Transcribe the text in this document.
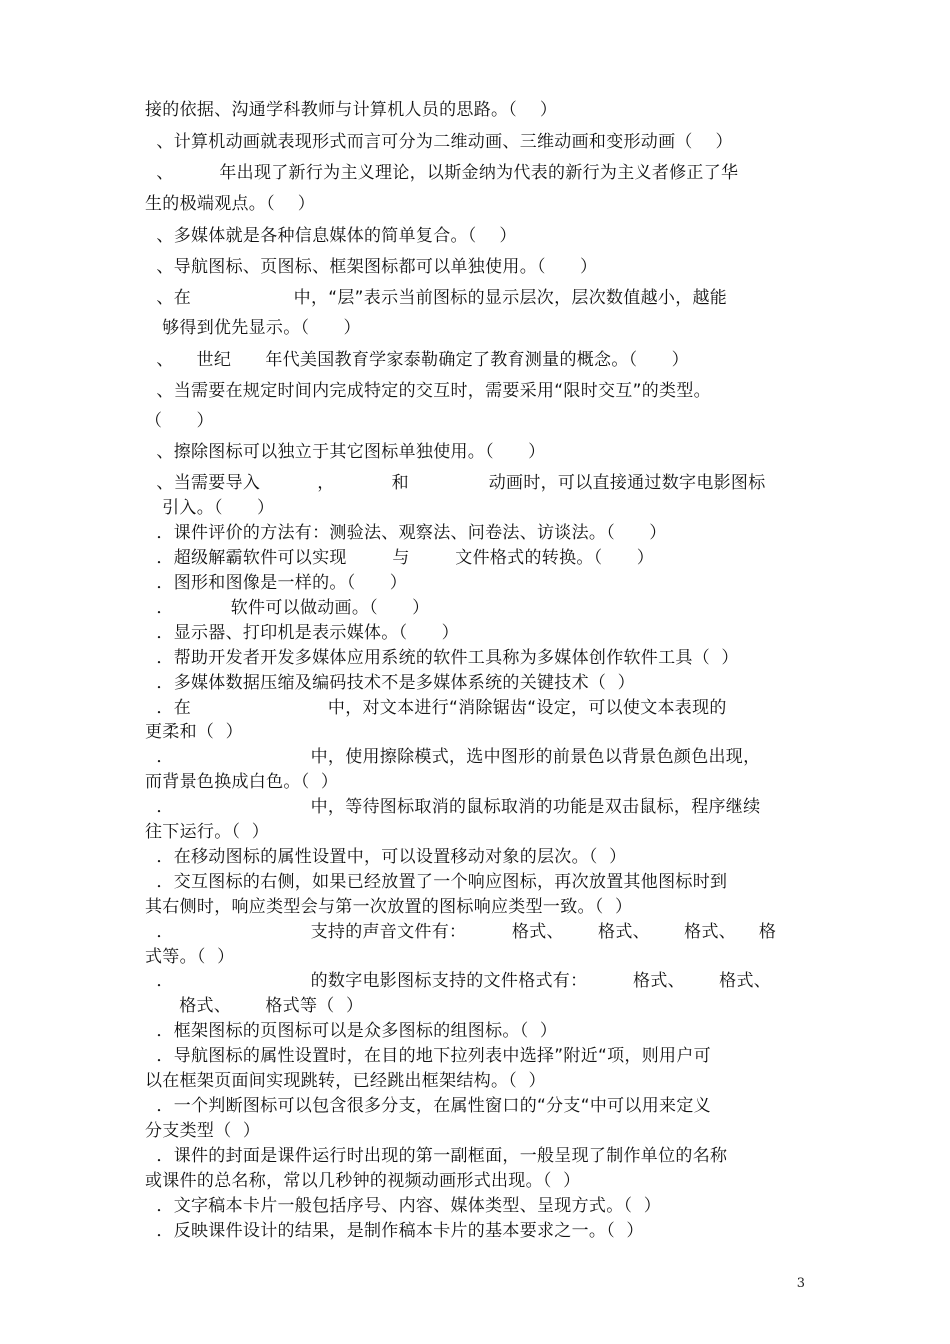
接的依据、沟通学科教师与计算机人员的思路。（    ）
、计算机动画就表现形式而言可分为二维动画、三维动画和变形动画（    ）
、        年出现了新行为主义理论，以斯金纳为代表的新行为主义者修正了华
生的极端观点。（    ）
、多媒体就是各种信息媒体的简单复合。（    ）
、导航图标、页图标、框架图标都可以单独使用。（      ）
、在                  中，“层”表示当前图标的显示层次，层次数值越小，越能
够得到优先显示。（      ）
、    世纪      年代美国教育学家泰勒确定了教育测量的概念。（      ）
、当需要在规定时间内完成特定的交互时，需要采用“限时交互”的类型。
（      ）
、擦除图标可以独立于其它图标单独使用。（      ）
、当需要导入          ，          和              动画时，可以直接通过数字电影图标
引入。（      ）
．课件评价的方法有：测验法、观察法、问卷法、访谈法。（      ）
．超级解霸软件可以实现        与        文件格式的转换。（      ）
．图形和图像是一样的。（      ）
．          软件可以做动画。（      ）
．显示器、打印机是表示媒体。（      ）
．帮助开发者开发多媒体应用系统的软件工具称为多媒体创作软件工具（  ）
．多媒体数据压缩及编码技术不是多媒体系统的关键技术（  ）
．在                        中，对文本进行“消除锯齿“设定，可以使文本表现的
更柔和（  ）
．                        中，使用擦除模式，选中图形的前景色以背景色颜色出现，
而背景色换成白色。（  ）
．                        中，等待图标取消的鼠标取消的功能是双击鼠标，程序继续
往下运行。（  ）
．在移动图标的属性设置中，可以设置移动对象的层次。（  ）
．交互图标的右侧，如果已经放置了一个响应图标，再次放置其他图标时到
其右侧时，响应类型会与第一次放置的图标响应类型一致。（  ）
．                        支持的声音文件有：        格式、      格式、      格式、    格
式等。（  ）
．                        的数字电影图标支持的文件格式有：        格式、      格式、
格式、      格式等（  ）
．框架图标的页图标可以是众多图标的组图标。（  ）
．导航图标的属性设置时，在目的地下拉列表中选择”附近“项，则用户可
以在框架页面间实现跳转，已经跳出框架结构。（  ）
．一个判断图标可以包含很多分支，在属性窗口的“分支“中可以用来定义
分支类型（  ）
．课件的封面是课件运行时出现的第一副框面，一般呈现了制作单位的名称
或课件的总名称，常以几秒钟的视频动画形式出现。（  ）
．文字稿本卡片一般包括序号、内容、媒体类型、呈现方式。（  ）
．反映课件设计的结果，是制作稿本卡片的基本要求之一。（  ）
3
